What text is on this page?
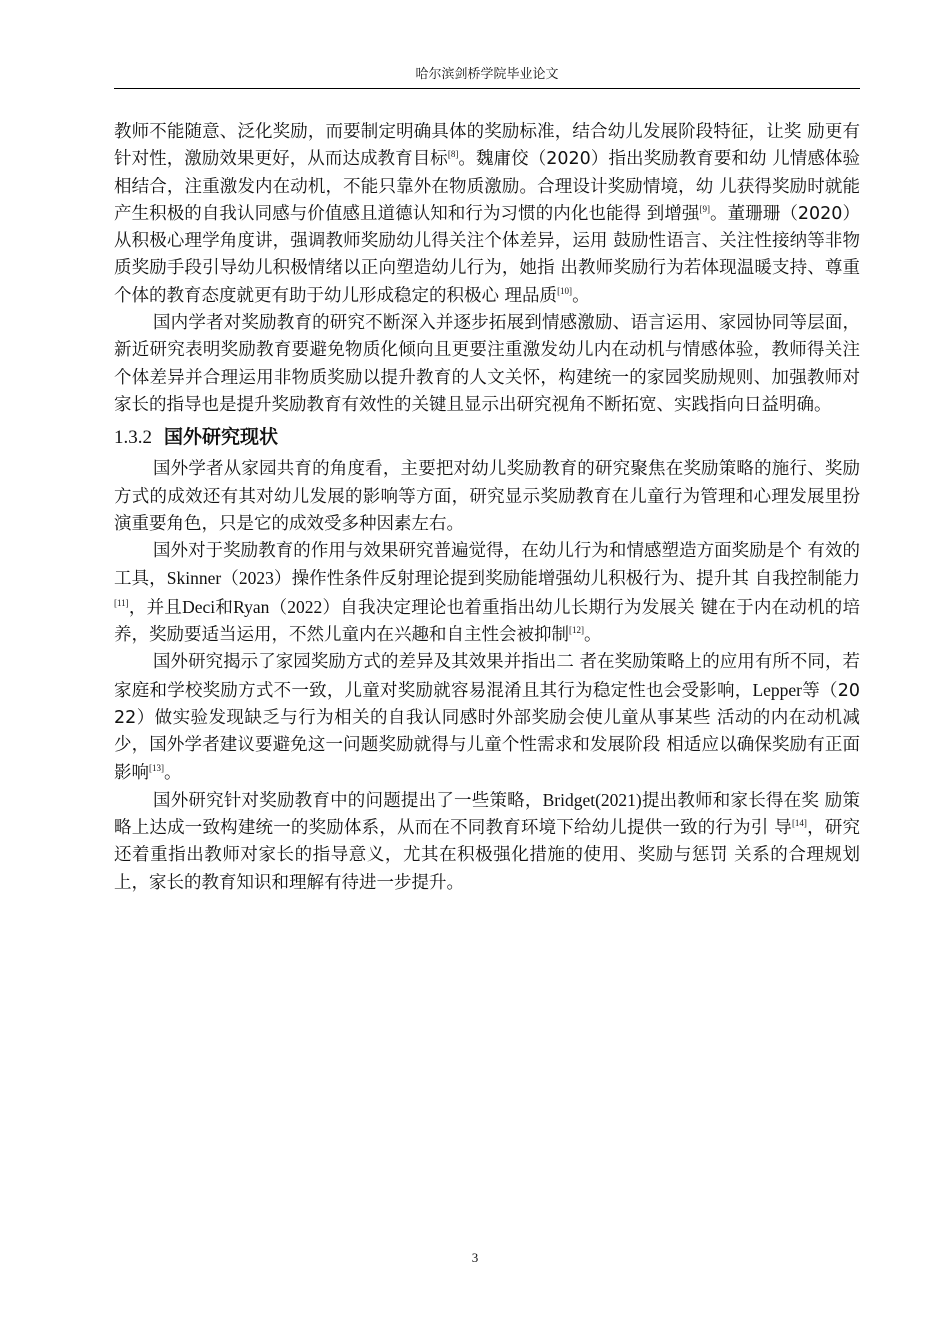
哈尔滨剑桥学院毕业论文

教师不能随意、泛化奖励，而要制定明确具体的奖励标准，结合幼儿发展阶段特征，让奖 励更有针对性，激励效果更好，从而达成教育目标[8]。魏庸佼（2020）指出奖励教育要和幼 儿情感体验相结合，注重激发内在动机，不能只靠外在物质激励。合理设计奖励情境，幼 儿获得奖励时就能产生积极的自我认同感与价值感且道德认知和行为习惯的内化也能得 到增强[9]。董珊珊（2020）从积极心理学角度讲，强调教师奖励幼儿得关注个体差异，运用 鼓励性语言、关注性接纳等非物质奖励手段引导幼儿积极情绪以正向塑造幼儿行为，她指 出教师奖励行为若体现温暖支持、尊重个体的教育态度就更有助于幼儿形成稳定的积极心 理品质[10]。

国内学者对奖励教育的研究不断深入并逐步拓展到情感激励、语言运用、家园协同等层面，新近研究表明奖励教育要避免物质化倾向且更要注重激发幼儿内在动机与情感体验，教师得关注个体差异并合理运用非物质奖励以提升教育的人文关怀，构建统一的家园奖励规则、加强教师对家长的指导也是提升奖励教育有效性的关键且显示出研究视角不断拓宽、实践指向日益明确。

1.3.2 国外研究现状

国外学者从家园共育的角度看，主要把对幼儿奖励教育的研究聚焦在奖励策略的施行、奖励方式的成效还有其对幼儿发展的影响等方面，研究显示奖励教育在儿童行为管理和心理发展里扮演重要角色，只是它的成效受多种因素左右。

国外对于奖励教育的作用与效果研究普遍觉得，在幼儿行为和情感塑造方面奖励是个 有效的工具，Skinner（2023）操作性条件反射理论提到奖励能增强幼儿积极行为、提升其 自我控制能力[11]，并且Deci和Ryan（2022）自我决定理论也着重指出幼儿长期行为发展关 键在于内在动机的培养，奖励要适当运用，不然儿童内在兴趣和自主性会被抑制[12]。

国外研究揭示了家园奖励方式的差异及其效果并指出二 者在奖励策略上的应用有所不同，若家庭和学校奖励方式不一致，儿童对奖励就容易混淆且其行为稳定性也会受影响，Lepper等（2022）做实验发现缺乏与行为相关的自我认同感时外部奖励会使儿童从事某些 活动的内在动机减少，国外学者建议要避免这一问题奖励就得与儿童个性需求和发展阶段 相适应以确保奖励有正面影响[13]。

国外研究针对奖励教育中的问题提出了一些策略，Bridget(2021)提出教师和家长得在奖 励策略上达成一致构建统一的奖励体系，从而在不同教育环境下给幼儿提供一致的行为引 导[14]，研究还着重指出教师对家长的指导意义，尤其在积极强化措施的使用、奖励与惩罚 关系的合理规划上，家长的教育知识和理解有待进一步提升。

3
